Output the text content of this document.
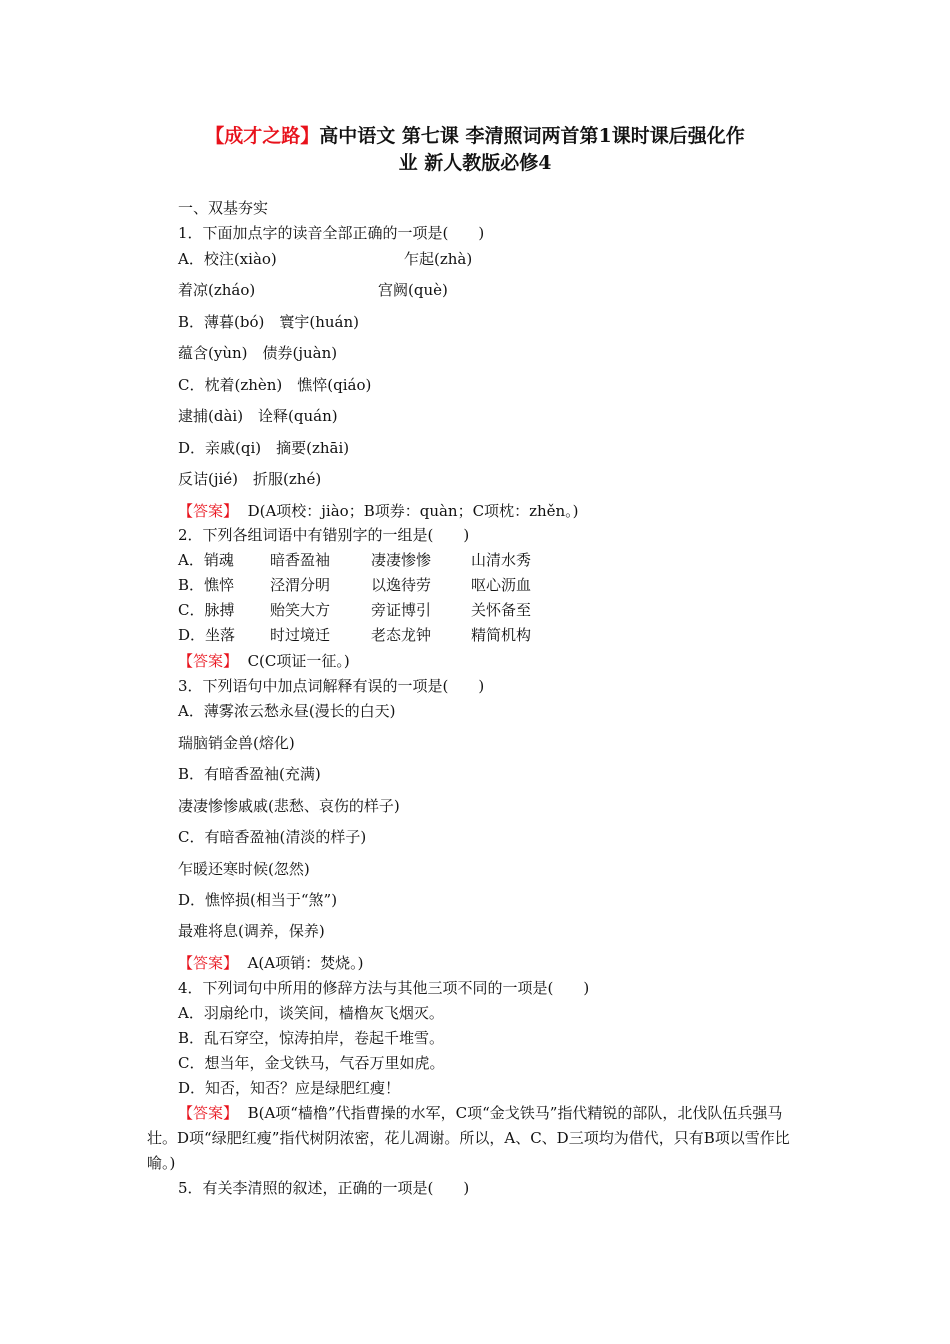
【成才之路】高中语文 第七课 李清照词两首第1课时课后强化作
业 新人教版必修4
一、双基夯实
1．下面加点字的读音全部正确的一项是(　　)
A．校注(xiào)	乍起(zhà)
着凉(zháo)	宫阙(què)
B．薄暮(bó)　寰宇(huán)
蕴含(yùn)　债券(juàn)
C．枕着(zhèn)　憔悴(qiáo)
逮捕(dài)　诠释(quán)
D．亲戚(qi)　摘要(zhāi)
反诘(jié)　折服(zhé)
【答案】 D(A项校：jiào；B项券：quàn；C项枕：zhěn。)
2．下列各组词语中有错别字的一组是(　　)
A．销魂 暗香盈袖	凄凄惨惨	山清水秀
B．憔悴 泾渭分明	以逸待劳	呕心沥血
C．脉搏 贻笑大方	旁证博引	关怀备至
D．坐落 时过境迁	老态龙钟	精简机构
【答案】 C(C项证一征。)
3．下列语句中加点词解释有误的一项是(　　)
A．薄雾浓云愁永昼(漫长的白天)
瑞脑销金兽(熔化)
B．有暗香盈袖(充满)
凄凄惨惨戚戚(悲愁、哀伤的样子)
C．有暗香盈袖(清淡的样子)
乍暖还寒时候(忽然)
D．憔悴损(相当于“煞”)
最难将息(调养，保养)
【答案】 A(A项销：焚烧。)
4．下列词句中所用的修辞方法与其他三项不同的一项是(　　)
A．羽扇纶巾，谈笑间，樯橹灰飞烟灭。
B．乱石穿空，惊涛拍岸，卷起千堆雪。
C．想当年，金戈铁马，气吞万里如虎。
D．知否，知否？应是绿肥红瘦！
【答案】 B(A项“樯橹”代指曹操的水军，C项“金戈铁马”指代精锐的部队，北伐队伍兵强马壮。D项“绿肥红瘦”指代树阴浓密，花儿凋谢。所以，A、C、D三项均为借代，只有B项以雪作比喻。)
5．有关李清照的叙述，正确的一项是(　　)
